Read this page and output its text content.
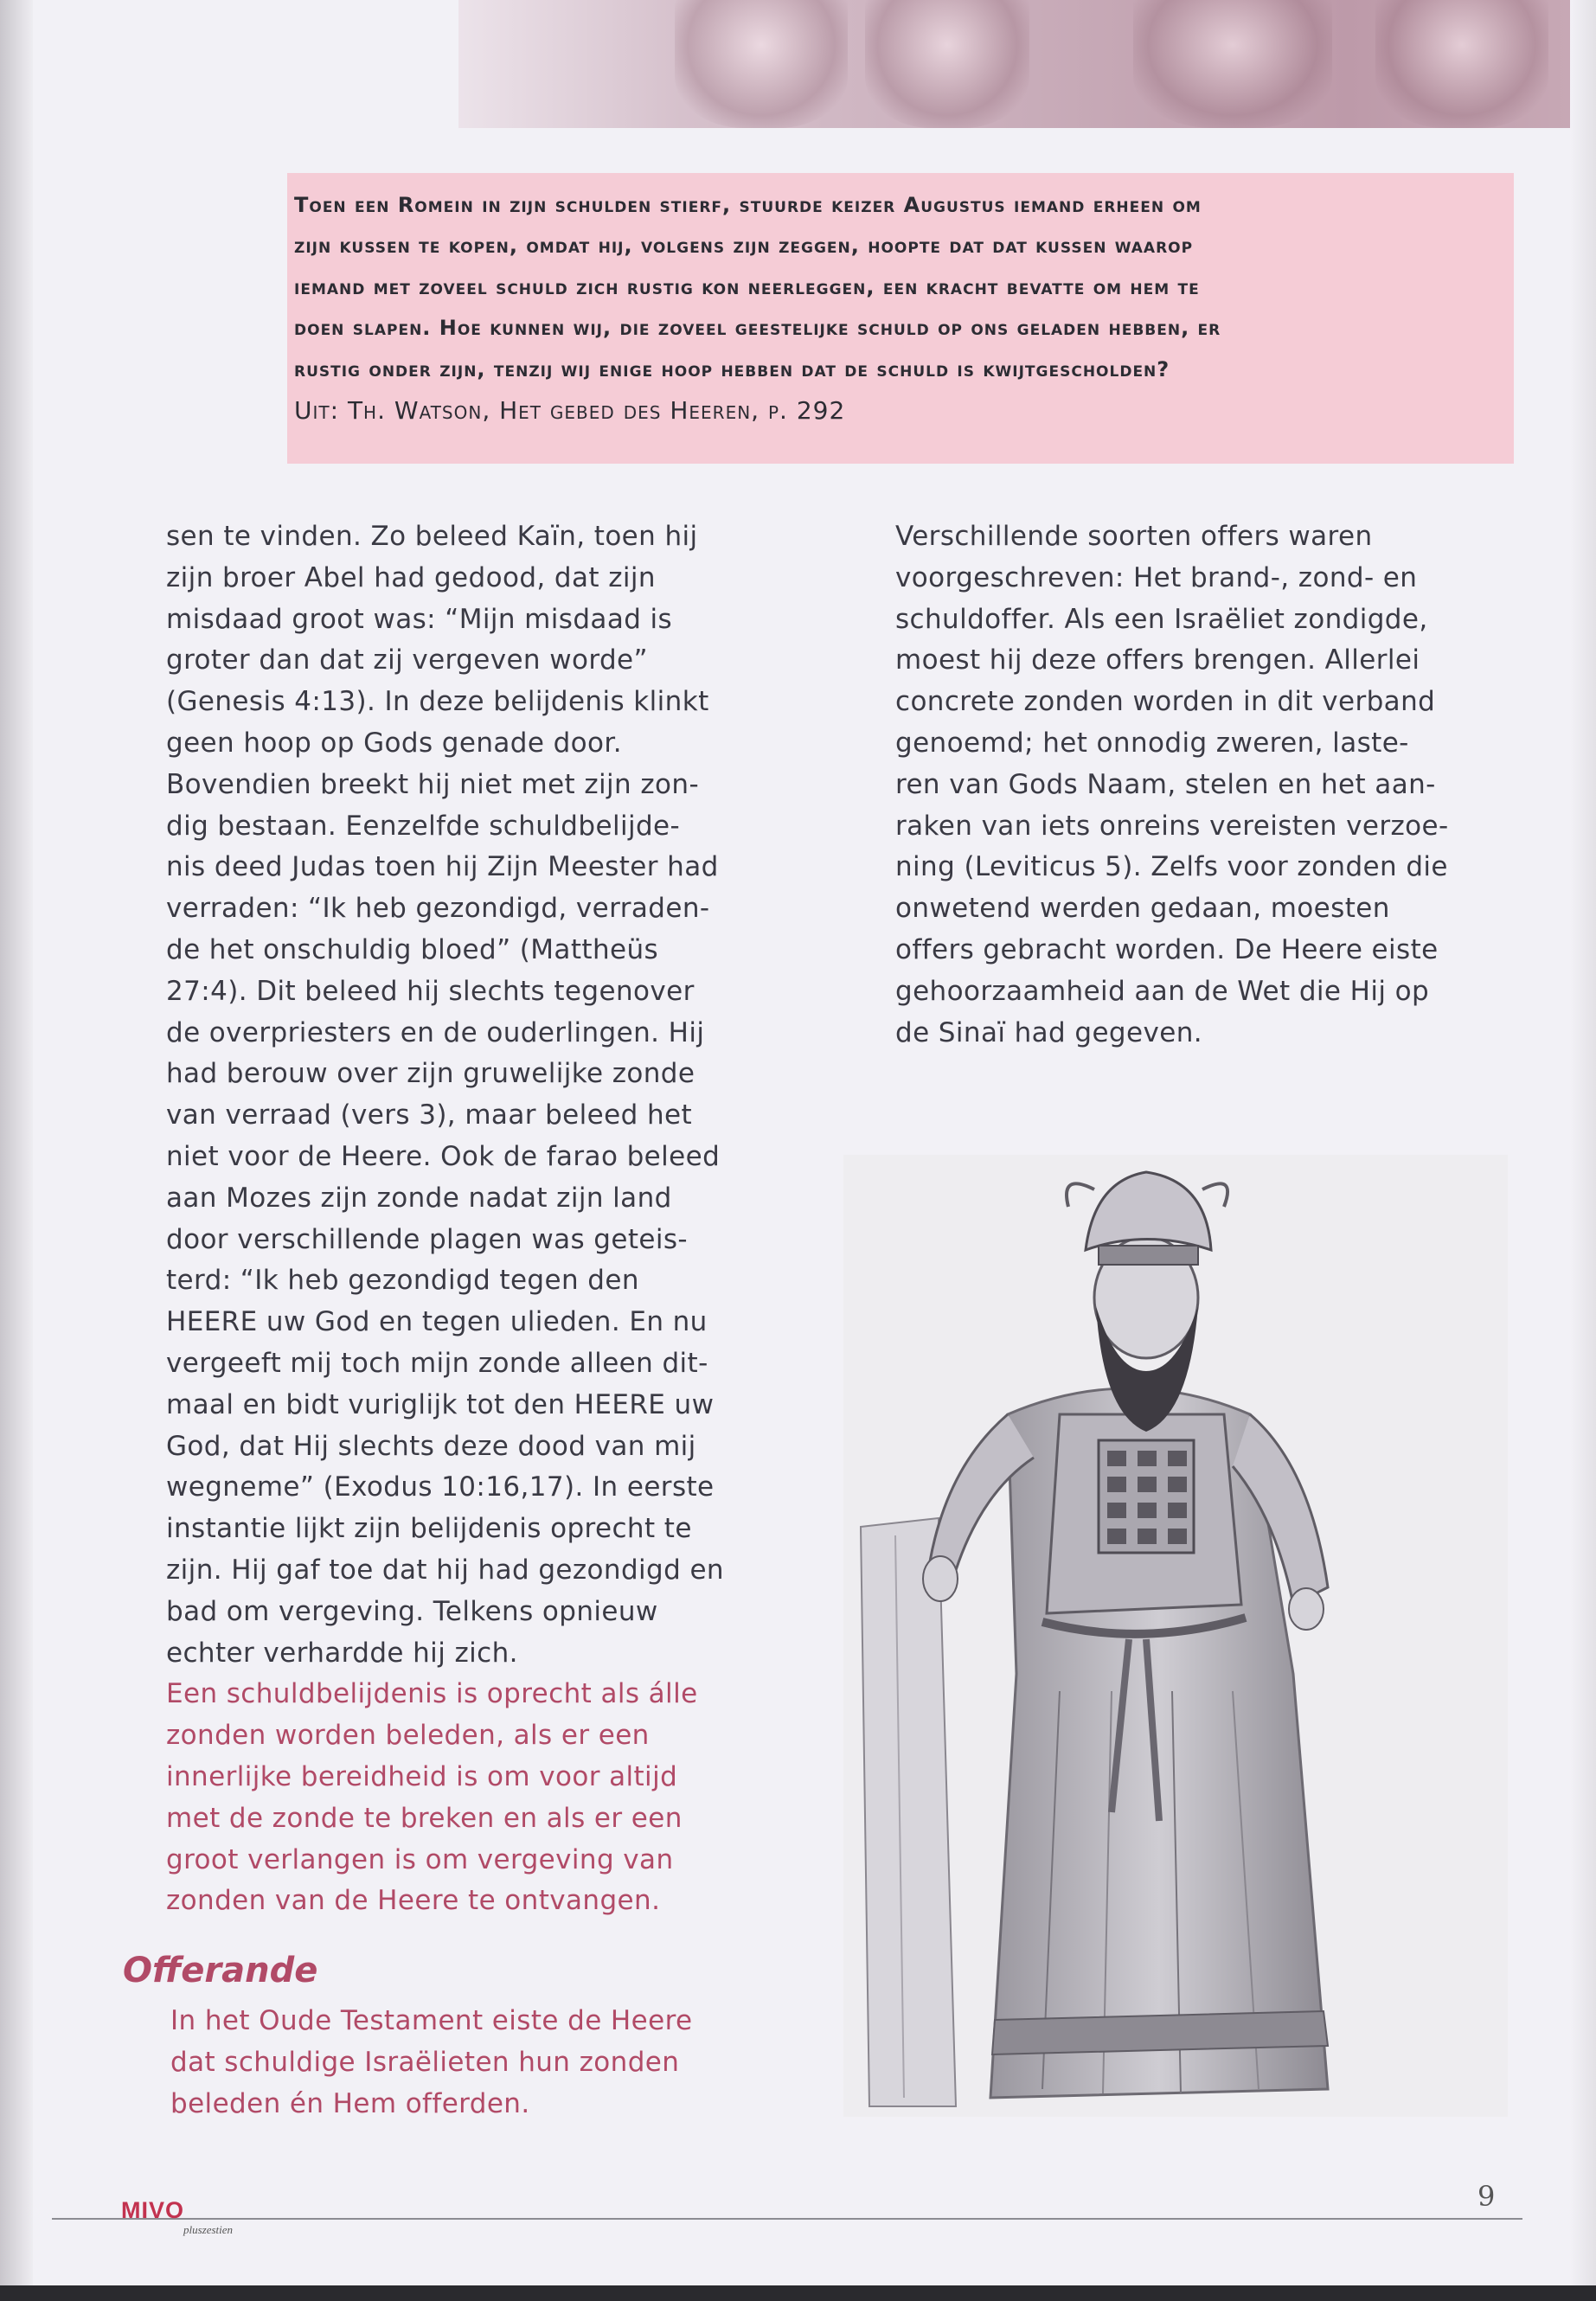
Toen een Romein in zijn schulden stierf, stuurde keizer Augustus iemand erheen om
zijn kussen te kopen, omdat hij, volgens zijn zeggen, hoopte dat dat kussen waarop
iemand met zoveel schuld zich rustig kon neerleggen, een kracht bevatte om hem te
doen slapen. Hoe kunnen wij, die zoveel geestelijke schuld op ons geladen hebben, er
rustig onder zijn, tenzij wij enige hoop hebben dat de schuld is kwijtgescholden?
Uit: Th. Watson, Het gebed des Heeren, p. 292
sen te vinden. Zo beleed Kaïn, toen hij
zijn broer Abel had gedood, dat zijn
misdaad groot was: “Mijn misdaad is
groter dan dat zij vergeven worde”
(Genesis 4:13). In deze belijdenis klinkt
geen hoop op Gods genade door.
Bovendien breekt hij niet met zijn zon-
dig bestaan. Eenzelfde schuldbelijde-
nis deed Judas toen hij Zijn Meester had
verraden: “Ik heb gezondigd, verraden-
de het onschuldig bloed” (Mattheüs
27:4). Dit beleed hij slechts tegenover
de overpriesters en de ouderlingen. Hij
had berouw over zijn gruwelijke zonde
van verraad (vers 3), maar beleed het
niet voor de Heere. Ook de farao beleed
aan Mozes zijn zonde nadat zijn land
door verschillende plagen was geteis-
terd: “Ik heb gezondigd tegen den
HEERE uw God en tegen ulieden. En nu
vergeeft mij toch mijn zonde alleen dit-
maal en bidt vuriglijk tot den HEERE uw
God, dat Hij slechts deze dood van mij
wegneme” (Exodus 10:16,17). In eerste
instantie lijkt zijn belijdenis oprecht te
zijn. Hij gaf toe dat hij had gezondigd en
bad om vergeving. Telkens opnieuw
echter verhardde hij zich.
Een schuldbelijdenis is oprecht als álle
zonden worden beleden, als er een
innerlijke bereidheid is om voor altijd
met de zonde te breken en als er een
groot verlangen is om vergeving van
zonden van de Heere te ontvangen.
Offerande
In het Oude Testament eiste de Heere
dat schuldige Israëlieten hun zonden
beleden én Hem offerden.
Verschillende soorten offers waren
voorgeschreven: Het brand-, zond- en
schuldoffer. Als een Israëliet zondigde,
moest hij deze offers brengen. Allerlei
concrete zonden worden in dit verband
genoemd; het onnodig zweren, laste-
ren van Gods Naam, stelen en het aan-
raken van iets onreins vereisten verzoe-
ning (Leviticus 5). Zelfs voor zonden die
onwetend werden gedaan, moesten
offers gebracht worden. De Heere eiste
gehoorzaamheid aan de Wet die Hij op
de Sinaï had gegeven.
MIVO
pluszestien
9
